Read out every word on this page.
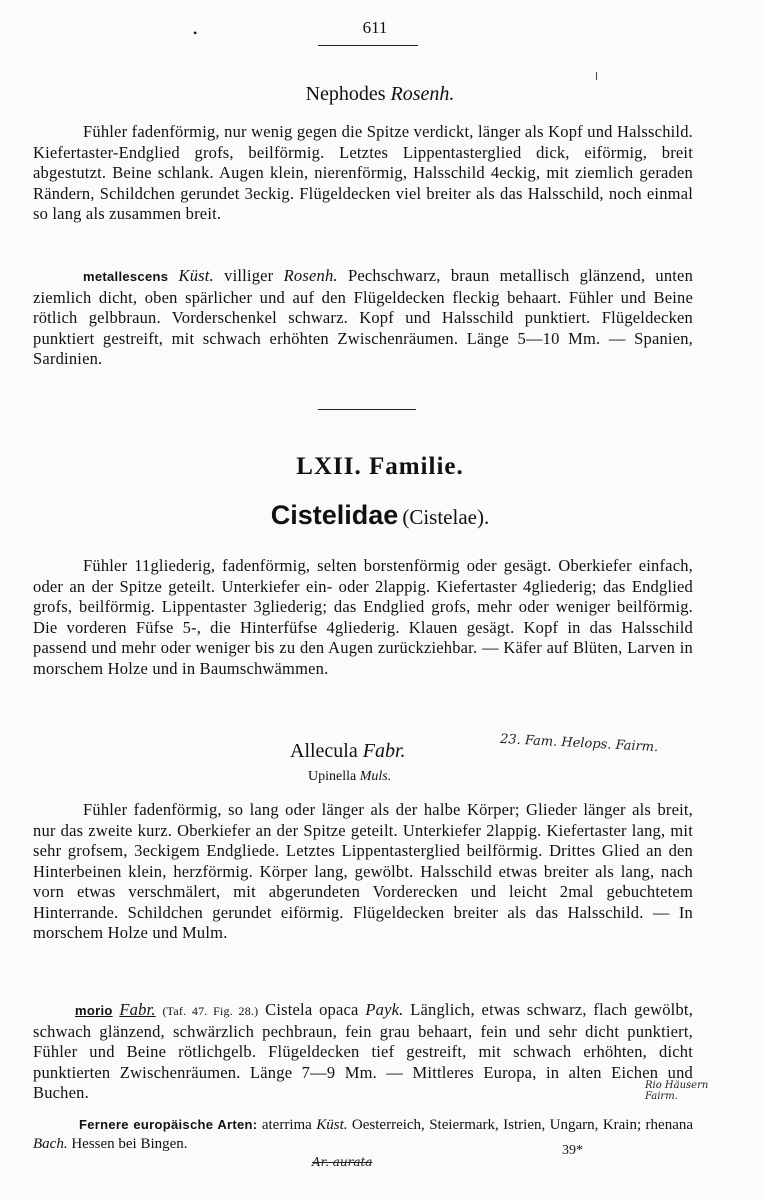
•	611
Nephodes Rosenh.
Fühler fadenförmig, nur wenig gegen die Spitze verdickt, länger als Kopf und Halsschild. Kiefertaster-Endglied grofs, beilförmig. Letztes Lippentasterglied dick, eiförmig, breit abgestutzt. Beine schlank. Augen klein, nierenförmig, Halsschild 4eckig, mit ziemlich geraden Rändern, Schildchen gerundet 3eckig. Flügeldecken viel breiter als das Halsschild, noch einmal so lang als zusammen breit.
metallescens Küst. villiger Rosenh. Pechschwarz, braun metallisch glänzend, unten ziemlich dicht, oben spärlicher und auf den Flügeldecken fleckig behaart. Fühler und Beine rötlich gelbbraun. Vorderschenkel schwarz. Kopf und Halsschild punktiert. Flügeldecken punktiert gestreift, mit schwach erhöhten Zwischenräumen. Länge 5—10 Mm. — Spanien, Sardinien.
LXII. Familie.
Cistelidae (Cistelae).
Fühler 11gliederig, fadenförmig, selten borstenförmig oder gesägt. Oberkiefer einfach, oder an der Spitze geteilt. Unterkiefer ein- oder 2lappig. Kiefertaster 4gliederig; das Endglied grofs, beilförmig. Lippentaster 3gliederig; das Endglied grofs, mehr oder weniger beilförmig. Die vorderen Füfse 5-, die Hinterfüfse 4gliederig. Klauen gesägt. Kopf in das Halsschild passend und mehr oder weniger bis zu den Augen zurückziehbar. — Käfer auf Blüten, Larven in morschem Holze und in Baumschwämmen.
Allecula Fabr.	23. Fam. Helops. Fairm.
Upinella Muls.
Fühler fadenförmig, so lang oder länger als der halbe Körper; Glieder länger als breit, nur das zweite kurz. Oberkiefer an der Spitze geteilt. Unterkiefer 2lappig. Kiefertaster lang, mit sehr grofsem, 3eckigem Endgliede. Letztes Lippentasterglied beilförmig. Drittes Glied an den Hinterbeinen klein, herzförmig. Körper lang, gewölbt. Halsschild etwas breiter als lang, nach vorn etwas verschmälert, mit abgerundeten Vorderecken und leicht 2mal gebuchtetem Hinterrande. Schildchen gerundet eiförmig. Flügeldecken breiter als das Halsschild. — In morschem Holze und Mulm.
morio Fabr. (Taf. 47. Fig. 28.) Cistela opaca Payk. Länglich, etwas schwarz, flach gewölbt, schwach glänzend, schwärzlich pechbraun, fein grau behaart, fein und sehr dicht punktiert, Fühler und Beine rötlichgelb. Flügeldecken tief gestreift, mit schwach erhöhten, dicht punktierten Zwischenräumen. Länge 7—9 Mm. — Mittleres Europa, in alten Eichen und Buchen.	Rio Häusern Fairm.
Fernere europäische Arten: aterrima Küst. Oesterreich, Steiermark, Istrien, Ungarn, Krain; rhenana Bach. Hessen bei Bingen.
Ar. aurata
39*
